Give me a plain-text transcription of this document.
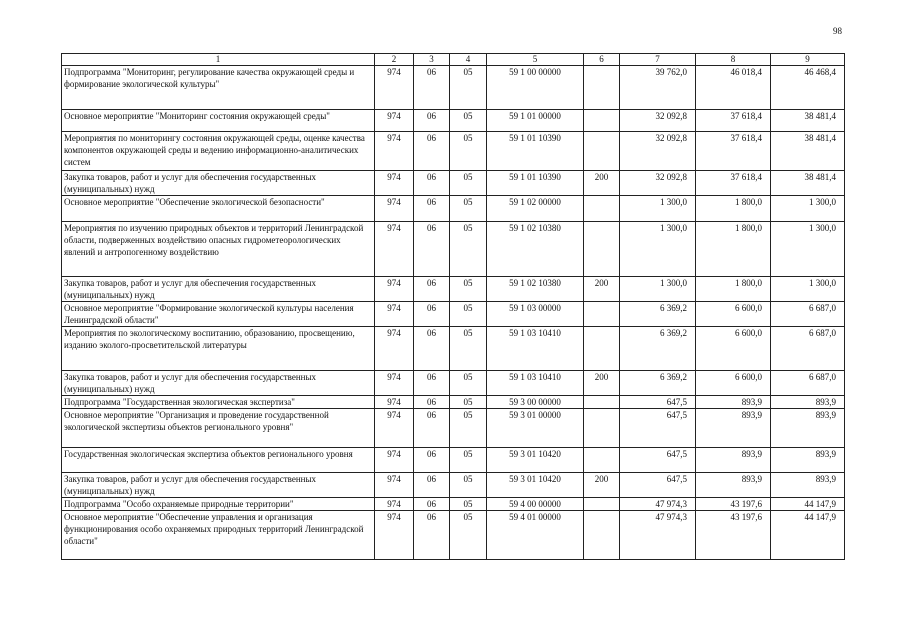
98
1	2	3	4	5	6	7	8	9
Подпрограмма "Мониторинг, регулирование качества окружающей среды и формирование экологической культуры"	974	06	05	59 1 00 00000		39 762,0	46 018,4	46 468,4
Основное мероприятие "Мониторинг состояния окружающей среды"	974	06	05	59 1 01 00000		32 092,8	37 618,4	38 481,4
Мероприятия по мониторингу состояния окружающей среды, оценке качества компонентов окружающей среды и ведению информационно-аналитических систем	974	06	05	59 1 01 10390		32 092,8	37 618,4	38 481,4
Закупка товаров, работ и услуг для обеспечения государственных (муниципальных) нужд	974	06	05	59 1 01 10390	200	32 092,8	37 618,4	38 481,4
Основное мероприятие "Обеспечение экологической безопасности"	974	06	05	59 1 02 00000		1 300,0	1 800,0	1 300,0
Мероприятия по изучению природных объектов и территорий Ленинградской области, подверженных воздействию опасных гидрометеорологических явлений и антропогенному воздействию	974	06	05	59 1 02 10380		1 300,0	1 800,0	1 300,0
Закупка товаров, работ и услуг для обеспечения государственных (муниципальных) нужд	974	06	05	59 1 02 10380	200	1 300,0	1 800,0	1 300,0
Основное мероприятие "Формирование экологической культуры населения Ленинградской области"	974	06	05	59 1 03 00000		6 369,2	6 600,0	6 687,0
Мероприятия по экологическому воспитанию, образованию, просвещению, изданию эколого-просветительской литературы	974	06	05	59 1 03 10410		6 369,2	6 600,0	6 687,0
Закупка товаров, работ и услуг для обеспечения государственных (муниципальных) нужд	974	06	05	59 1 03 10410	200	6 369,2	6 600,0	6 687,0
Подпрограмма "Государственная экологическая экспертиза"	974	06	05	59 3 00 00000		647,5	893,9	893,9
Основное мероприятие "Организация и проведение государственной экологической экспертизы объектов регионального уровня"	974	06	05	59 3 01 00000		647,5	893,9	893,9
Государственная экологическая экспертиза объектов регионального уровня	974	06	05	59 3 01 10420		647,5	893,9	893,9
Закупка товаров, работ и услуг для обеспечения государственных (муниципальных) нужд	974	06	05	59 3 01 10420	200	647,5	893,9	893,9
Подпрограмма "Особо охраняемые природные территории"	974	06	05	59 4 00 00000		47 974,3	43 197,6	44 147,9
Основное мероприятие "Обеспечение управления и организация функционирования особо охраняемых природных территорий Ленинградской области"	974	06	05	59 4 01 00000		47 974,3	43 197,6	44 147,9
